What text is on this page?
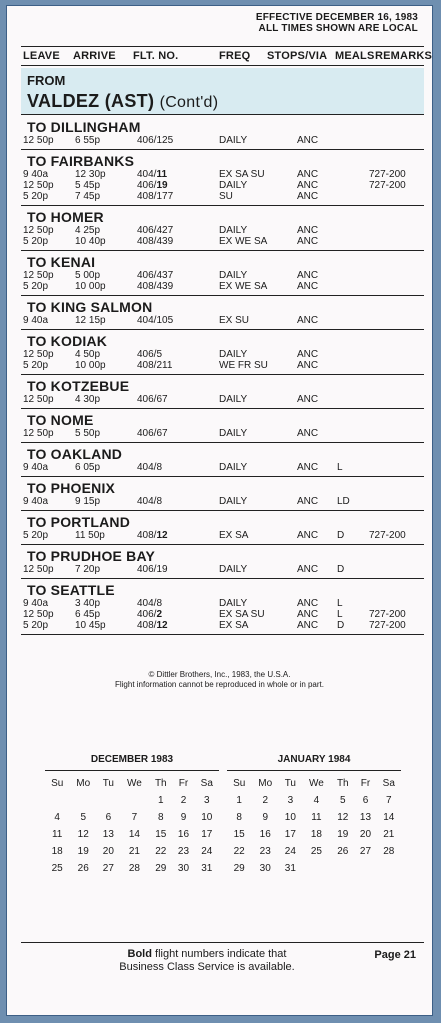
EFFECTIVE DECEMBER 16, 1983
ALL TIMES SHOWN ARE LOCAL
LEAVE ARRIVE FLT. NO.	FREQ STOPS/VIA MEALS REMARKS
FROM
VALDEZ (AST) (Cont'd)
TO DILLINGHAM
12 50p 6 55p	406/125	DAILY	ANC
TO FAIRBANKS
9 40a	12 30p	404/11	EX SA SU	ANC	727-200
12 50p 5 45p	406/19	DAILY	ANC	727-200
5 20p	7 45p	408/177	SU	ANC
TO HOMER
12 50p 4 25p	406/427	DAILY	ANC
5 20p	10 40p	408/439	EX WE SA	ANC
TO KENAI
12 50p 5 00p	406/437	DAILY	ANC
5 20p	10 00p	408/439	EX WE SA	ANC
TO KING SALMON
9 40a	12 15p	404/105	EX SU	ANC
TO KODIAK
12 50p 4 50p	406/5	DAILY	ANC
5 20p	10 00p	408/211	WE FR SU	ANC
TO KOTZEBUE
12 50p 4 30p	406/67	DAILY	ANC
TO NOME
12 50p 5 50p	406/67	DAILY	ANC
TO OAKLAND
9 40a	6 05p	404/8	DAILY	ANC L
TO PHOENIX
9 40a	9 15p	404/8	DAILY	ANC LD
TO PORTLAND
5 20p	11 50p	408/12	EX SA	ANC D 727-200
TO PRUDHOE BAY
12 50p 7 20p	406/19	DAILY	ANC D
TO SEATTLE
9 40a	3 40p	404/8	DAILY	ANC L
12 50p 6 45p	406/2	EX SA SU	ANC L	727-200
5 20p	10 45p	408/12	EX SA	ANC D 727-200
© Dittler Brothers, Inc., 1983, the U.S.A.
Flight information cannot be reproduced in whole or in part.
DECEMBER 1983
Su	Mo	Tu	We	Th	Fr	Sa
				1	2	3
4	5	6	7	8	9	10
11	12	13	14	15	16	17
18	19	20	21	22	23	24
25	26	27	28	29	30	31
JANUARY 1984
Su	Mo	Tu	We	Th	Fr	Sa
1	2	3	4	5	6	7
8	9	10	11	12	13	14
15	16	17	18	19	20	21
22	23	24	25	26	27	28
29	30	31				
Bold flight numbers indicate that
Business Class Service is available.
Page 21
